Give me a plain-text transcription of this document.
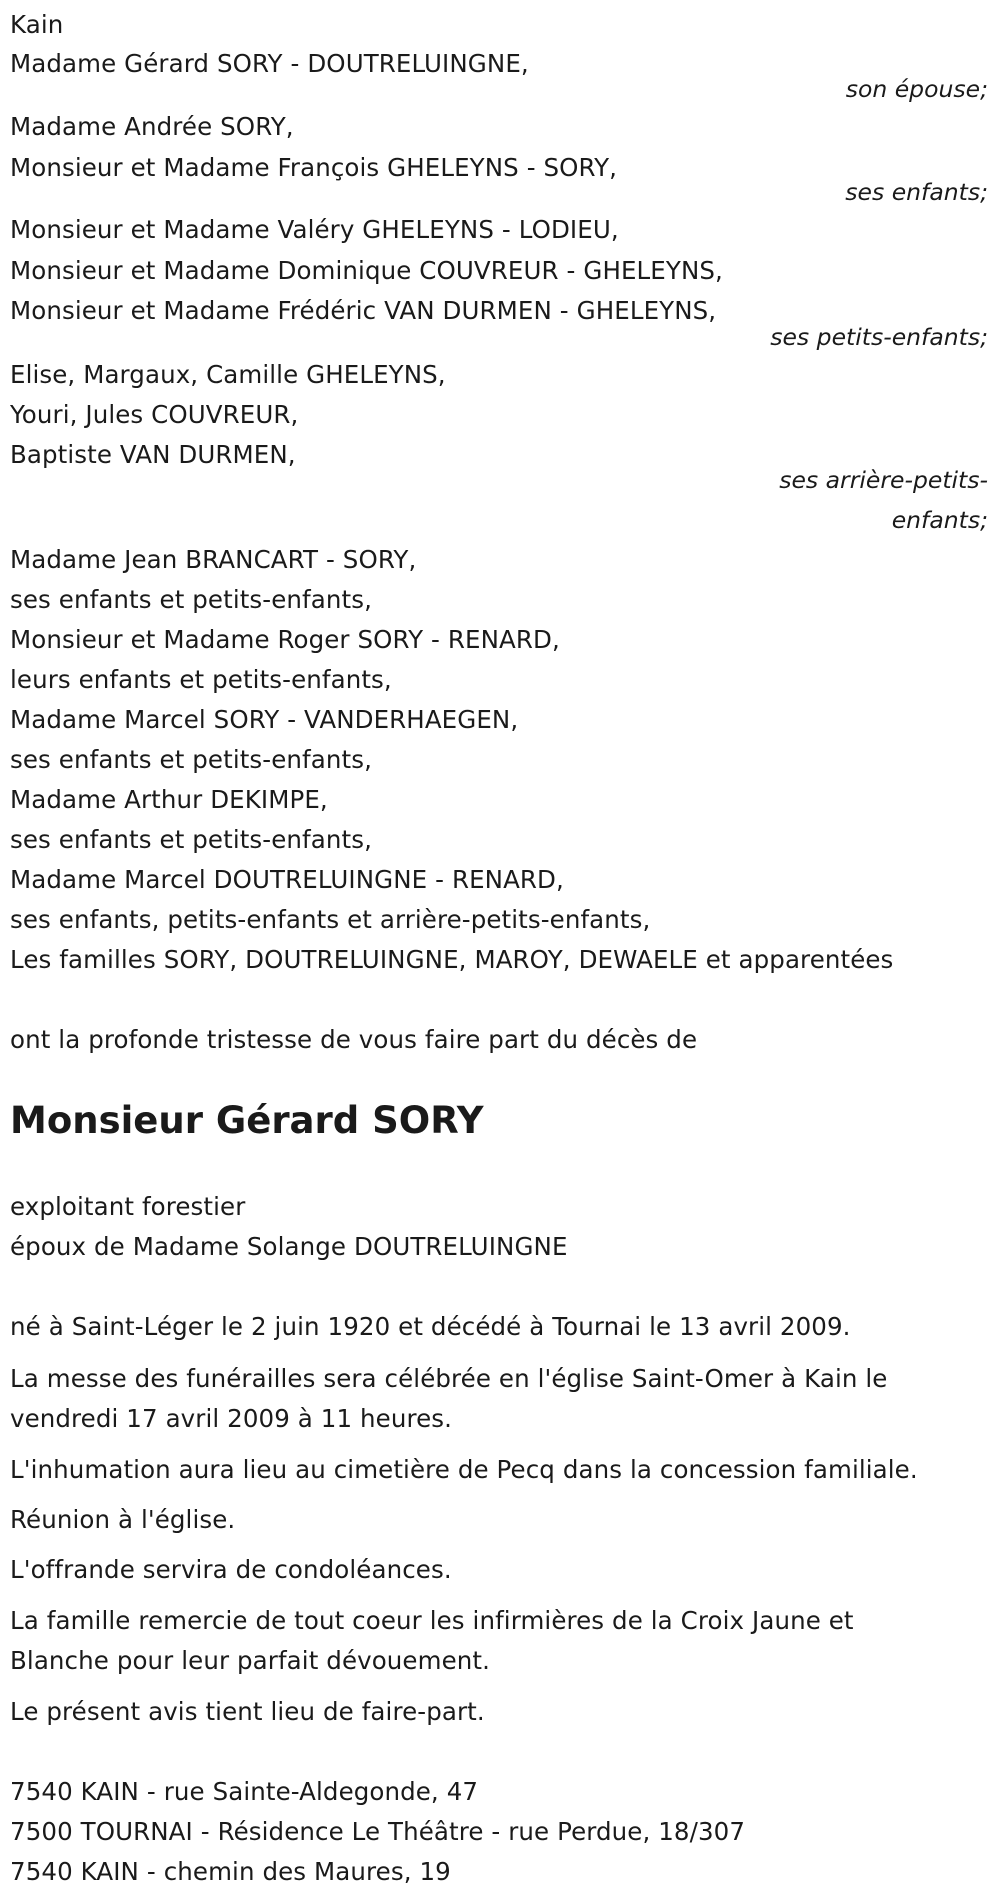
Kain
Madame Gérard SORY - DOUTRELUINGNE,
son épouse;
Madame Andrée SORY,
Monsieur et Madame François GHELEYNS - SORY,
ses enfants;
Monsieur et Madame Valéry GHELEYNS - LODIEU,
Monsieur et Madame Dominique COUVREUR - GHELEYNS,
Monsieur et Madame Frédéric VAN DURMEN - GHELEYNS,
ses petits-enfants;
Elise, Margaux, Camille GHELEYNS,
Youri, Jules COUVREUR,
Baptiste VAN DURMEN,
ses arrière-petits-
enfants;
Madame Jean BRANCART - SORY,
ses enfants et petits-enfants,
Monsieur et Madame Roger SORY - RENARD,
leurs enfants et petits-enfants,
Madame Marcel SORY - VANDERHAEGEN,
ses enfants et petits-enfants,
Madame Arthur DEKIMPE,
ses enfants et petits-enfants,
Madame Marcel DOUTRELUINGNE - RENARD,
ses enfants, petits-enfants et arrière-petits-enfants,
Les familles SORY, DOUTRELUINGNE, MAROY, DEWAELE et apparentées
ont la profonde tristesse de vous faire part du décès de
Monsieur Gérard SORY
exploitant forestier
époux de Madame Solange DOUTRELUINGNE
né à Saint-Léger le 2 juin 1920 et décédé à Tournai le 13 avril 2009.
La messe des funérailles sera célébrée en l'église Saint-Omer à Kain le
vendredi 17 avril 2009 à 11 heures.
L'inhumation aura lieu au cimetière de Pecq dans la concession familiale.
Réunion à l'église.
L'offrande servira de condoléances.
La famille remercie de tout coeur les infirmières de la Croix Jaune et
Blanche pour leur parfait dévouement.
Le présent avis tient lieu de faire-part.
7540 KAIN - rue Sainte-Aldegonde, 47
7500 TOURNAI - Résidence Le Théâtre - rue Perdue, 18/307
7540 KAIN - chemin des Maures, 19
